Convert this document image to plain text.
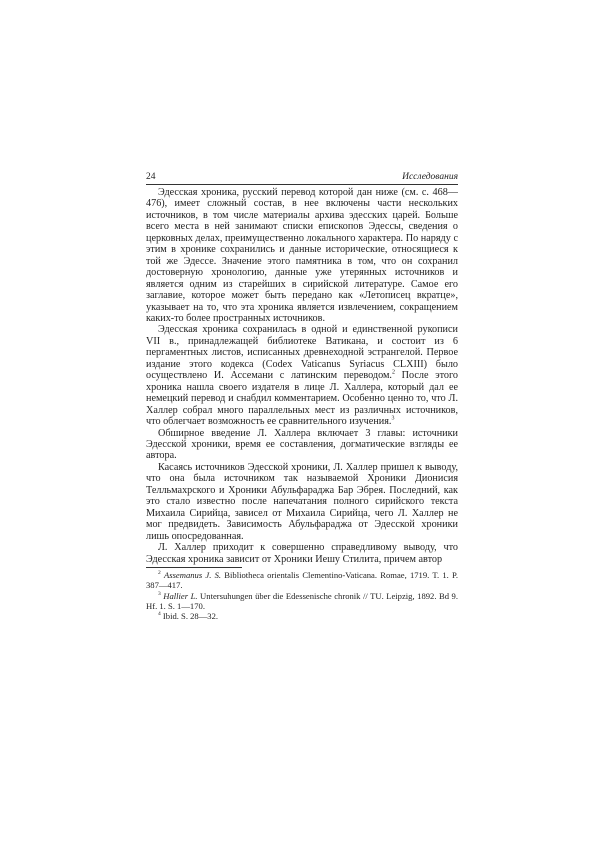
24	Исследования

Эдесская хроника, русский перевод которой дан ниже (см. с. 468—476), имеет сложный состав, в нее включены части нескольких источников, в том числе материалы архива эдесских царей. Больше всего места в ней занимают списки епископов Эдессы, сведения о церковных делах, преимущественно локального характера. По наряду с этим в хронике сохранились и данные исторические, относящиеся к той же Эдессе. Значение этого памятника в том, что он сохранил достоверную хронологию, данные уже утерянных источников и является одним из старейших в сирийской литературе. Самое его заглавие, которое может быть передано как «Летописец вкратце», указывает на то, что эта хроника является извлечением, сокращением каких-то более пространных источников.

Эдесская хроника сохранилась в одной и единственной рукописи VII в., принадлежащей библиотеке Ватикана, и состоит из 6 пергаментных листов, исписанных древнеходной эстрангелой. Первое издание этого кодекса (Codex Vaticanus Syriacus CLXIII) было осуществлено И. Ассемани с латинским переводом.$^2$ После этого хроника нашла своего издателя в лице Л. Халлера, который дал ее немецкий перевод и снабдил комментарием. Особенно ценно то, что Л. Халлер собрал много параллельных мест из различных источников, что облегчает возможность ее сравнительного изучения.$^3$

Обширное введение Л. Халлера включает 3 главы: источники Эдесской хроники, время ее составления, догматические взгляды ее автора.

Касаясь источников Эдесской хроники, Л. Халлер пришел к выводу, что она была источником так называемой Хроники Дионисия Телльмахрского и Хроники Абульфараджа Бар Эбрея. Последний, как это стало известно после напечатания полного сирийского текста Михаила Сирийца, зависел от Михаила Сирийца, чего Л. Халлер не мог предвидеть. Зависимость Абульфараджа от Эдесской хроники лишь опосредованная.

Л. Халлер приходит к совершенно справедливому выводу, что Эдесская хроника зависит от Хроники Иешу Стилита, причем автор

$^2$ Assemanus J. S. Bibliotheca orientalis Clementino-Vaticana. Romae, 1719. T. 1. P. 387—417.

$^3$ Hallier L. Untersuhungen über die Edessenische chronik // TU. Leipzig, 1892. Bd 9. Hf. 1. S. 1—170.

$^4$ Ibid. S. 28—32.
